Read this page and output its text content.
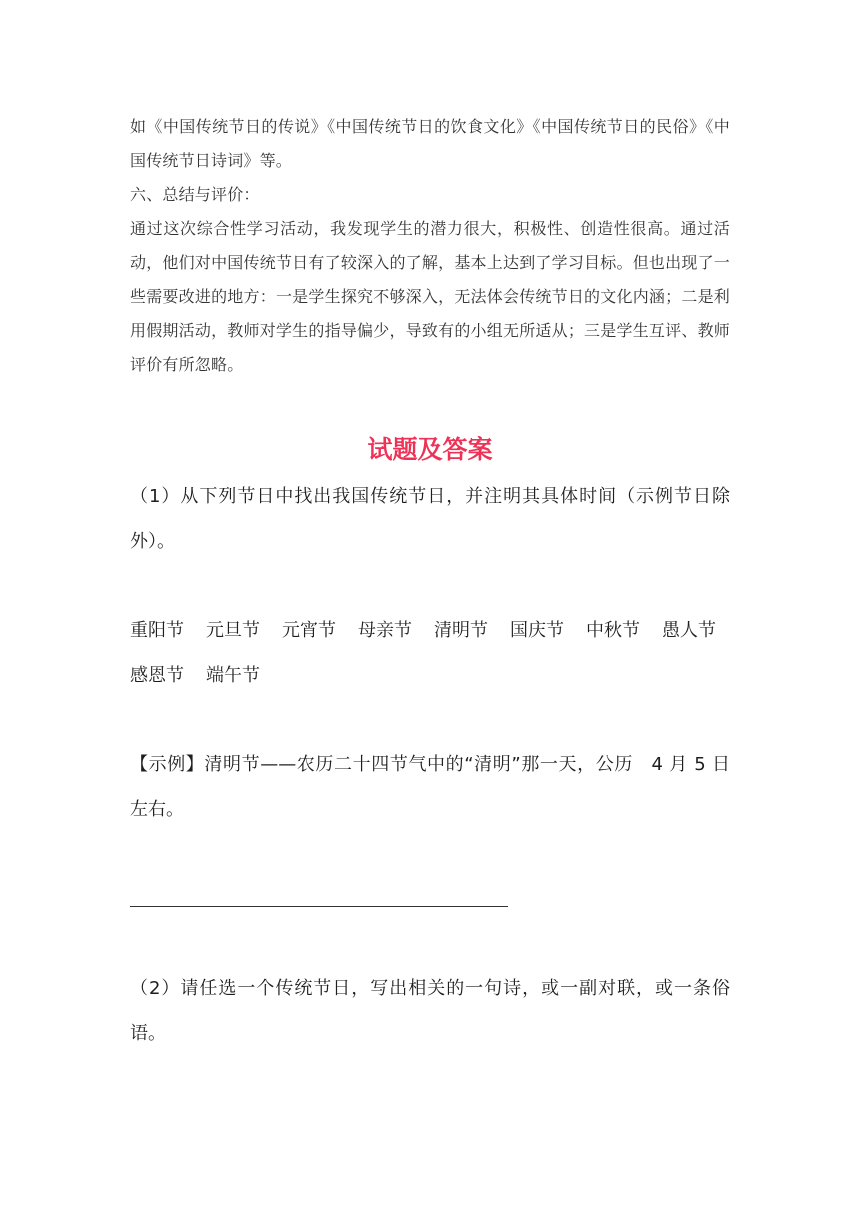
如《中国传统节日的传说》《中国传统节日的饮食文化》《中国传统节日的民俗》《中国传统节日诗词》等。

六、总结与评价：

通过这次综合性学习活动，我发现学生的潜力很大，积极性、创造性很高。通过活动，他们对中国传统节日有了较深入的了解，基本上达到了学习目标。但也出现了一些需要改进的地方：一是学生探究不够深入，无法体会传统节日的文化内涵；二是利用假期活动，教师对学生的指导偏少，导致有的小组无所适从；三是学生互评、教师评价有所忽略。

试题及答案

（1）从下列节日中找出我国传统节日，并注明其具体时间（示例节日除外）。

重阳节 元旦节 元宵节 母亲节 清明节 国庆节 中秋节 愚人节
感恩节 端午节

【示例】清明节——农历二十四节气中的“清明”那一天，公历　4 月 5 日　左右。

（2）请任选一个传统节日，写出相关的一句诗，或一副对联，或一条俗语。
